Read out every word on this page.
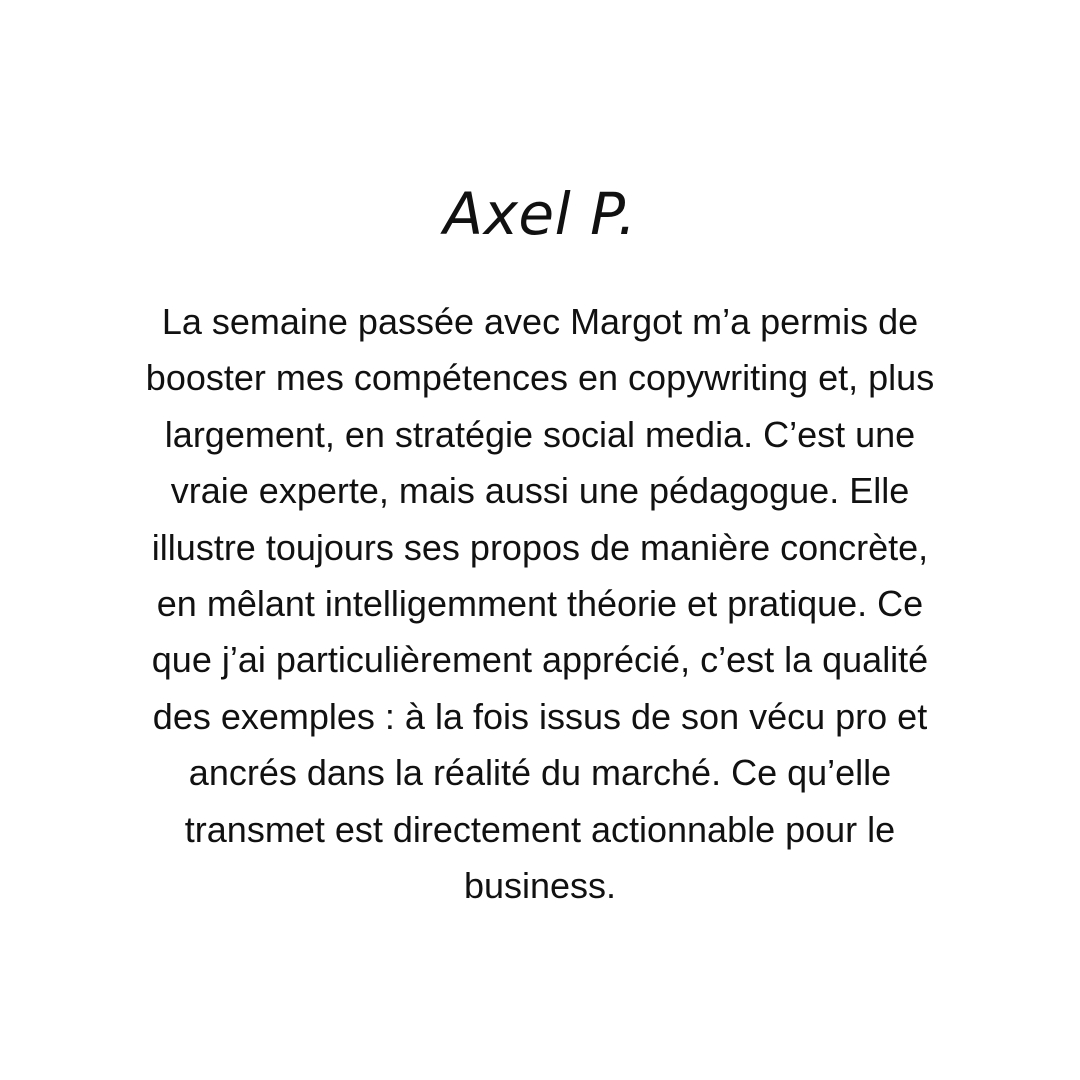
Axel P.
La semaine passée avec Margot m’a permis de
booster mes compétences en copywriting et, plus
largement, en stratégie social media. C’est une
vraie experte, mais aussi une pédagogue. Elle
illustre toujours ses propos de manière concrète,
en mêlant intelligemment théorie et pratique. Ce
que j’ai particulièrement apprécié, c’est la qualité
des exemples : à la fois issus de son vécu pro et
ancrés dans la réalité du marché. Ce qu’elle
transmet est directement actionnable pour le
business.
